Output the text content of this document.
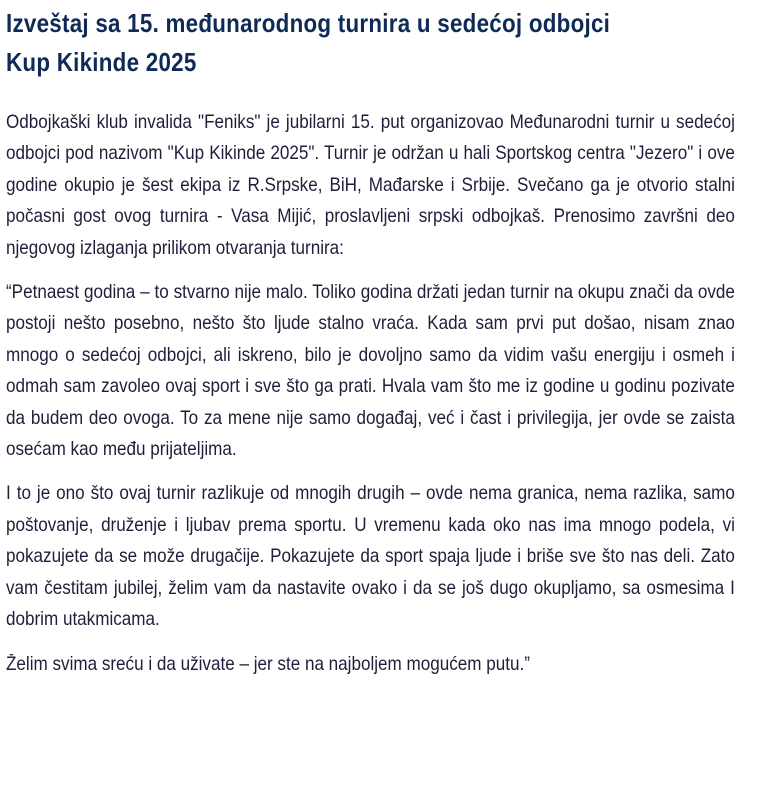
Izveštaj sa 15. međunarodnog turnira u sedećoj odbojci
Kup Kikinde 2025

Odbojkaški klub invalida "Feniks" je jubilarni 15. put organizovao Međunarodni turnir u sedećoj odbojci pod nazivom "Kup Kikinde 2025". Turnir je održan u hali Sportskog centra "Jezero" i ove godine okupio je šest ekipa iz R.Srpske, BiH, Mađarske i Srbije. Svečano ga je otvorio stalni počasni gost ovog turnira - Vasa Mijić, proslavljeni srpski odbojkaš. Prenosimo završni deo njegovog izlaganja prilikom otvaranja turnira:

“Petnaest godina – to stvarno nije malo. Toliko godina držati jedan turnir na okupu znači da ovde postoji nešto posebno, nešto što ljude stalno vraća. Kada sam prvi put došao, nisam znao mnogo o sedećoj odbojci, ali iskreno, bilo je dovoljno samo da vidim vašu energiju i osmeh i odmah sam zavoleo ovaj sport i sve što ga prati. Hvala vam što me iz godine u godinu pozivate da budem deo ovoga. To za mene nije samo događaj, već i čast i privilegija, jer ovde se zaista osećam kao među prijateljima.

I to je ono što ovaj turnir razlikuje od mnogih drugih – ovde nema granica, nema razlika, samo poštovanje, druženje i ljubav prema sportu. U vremenu kada oko nas ima mnogo podela, vi pokazujete da se može drugačije. Pokazujete da sport spaja ljude i briše sve što nas deli. Zato vam čestitam jubilej, želim vam da nastavite ovako i da se još dugo okupljamo, sa osmesima I dobrim utakmicama.

Želim svima sreću i da uživate – jer ste na najboljem mogućem putu.”
